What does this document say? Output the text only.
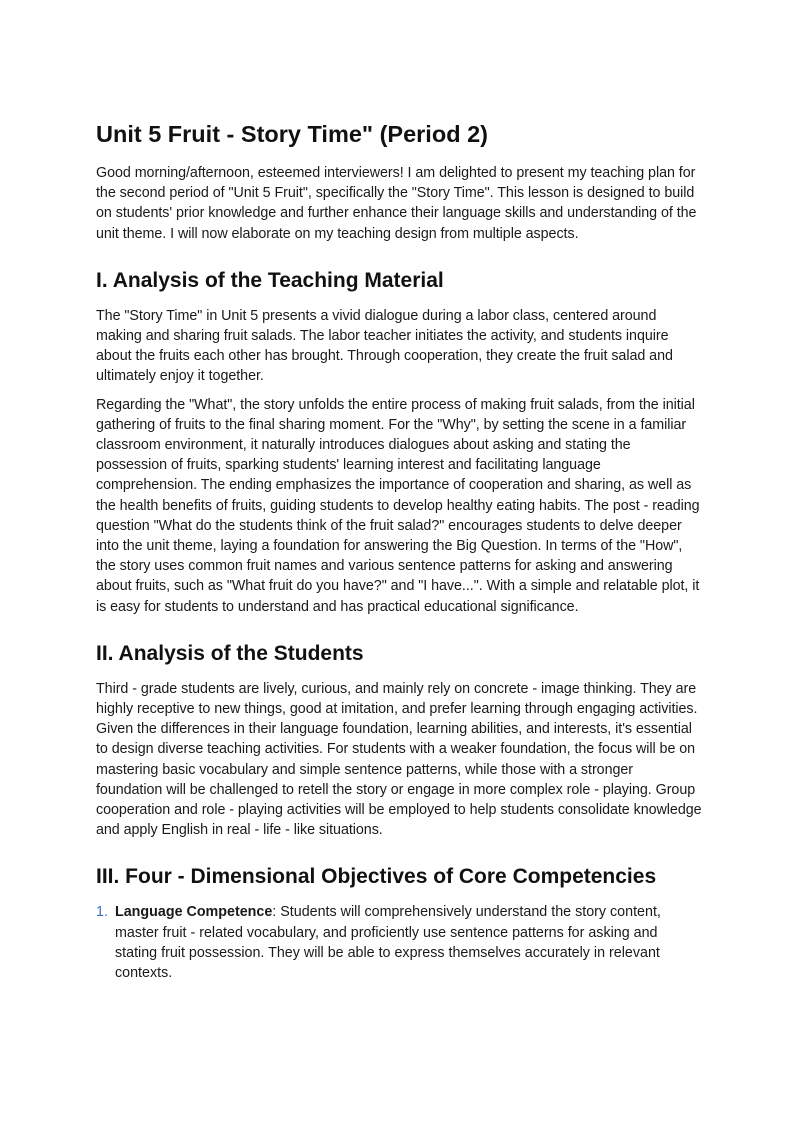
Unit 5 Fruit - Story Time" (Period 2)

Good morning/afternoon, esteemed interviewers! I am delighted to present my teaching plan for the second period of "Unit 5 Fruit", specifically the "Story Time". This lesson is designed to build on students' prior knowledge and further enhance their language skills and understanding of the unit theme. I will now elaborate on my teaching design from multiple aspects.

I. Analysis of the Teaching Material

The "Story Time" in Unit 5 presents a vivid dialogue during a labor class, centered around making and sharing fruit salads. The labor teacher initiates the activity, and students inquire about the fruits each other has brought. Through cooperation, they create the fruit salad and ultimately enjoy it together.

Regarding the "What", the story unfolds the entire process of making fruit salads, from the initial gathering of fruits to the final sharing moment. For the "Why", by setting the scene in a familiar classroom environment, it naturally introduces dialogues about asking and stating the possession of fruits, sparking students' learning interest and facilitating language comprehension. The ending emphasizes the importance of cooperation and sharing, as well as the health benefits of fruits, guiding students to develop healthy eating habits. The post - reading question "What do the students think of the fruit salad?" encourages students to delve deeper into the unit theme, laying a foundation for answering the Big Question. In terms of the "How", the story uses common fruit names and various sentence patterns for asking and answering about fruits, such as "What fruit do you have?" and "I have...". With a simple and relatable plot, it is easy for students to understand and has practical educational significance.

II. Analysis of the Students

Third - grade students are lively, curious, and mainly rely on concrete - image thinking. They are highly receptive to new things, good at imitation, and prefer learning through engaging activities. Given the differences in their language foundation, learning abilities, and interests, it's essential to design diverse teaching activities. For students with a weaker foundation, the focus will be on mastering basic vocabulary and simple sentence patterns, while those with a stronger foundation will be challenged to retell the story or engage in more complex role - playing. Group cooperation and role - playing activities will be employed to help students consolidate knowledge and apply English in real - life - like situations.

III. Four - Dimensional Objectives of Core Competencies
1. Language Competence: Students will comprehensively understand the story content, master fruit - related vocabulary, and proficiently use sentence patterns for asking and stating fruit possession. They will be able to express themselves accurately in relevant contexts.
